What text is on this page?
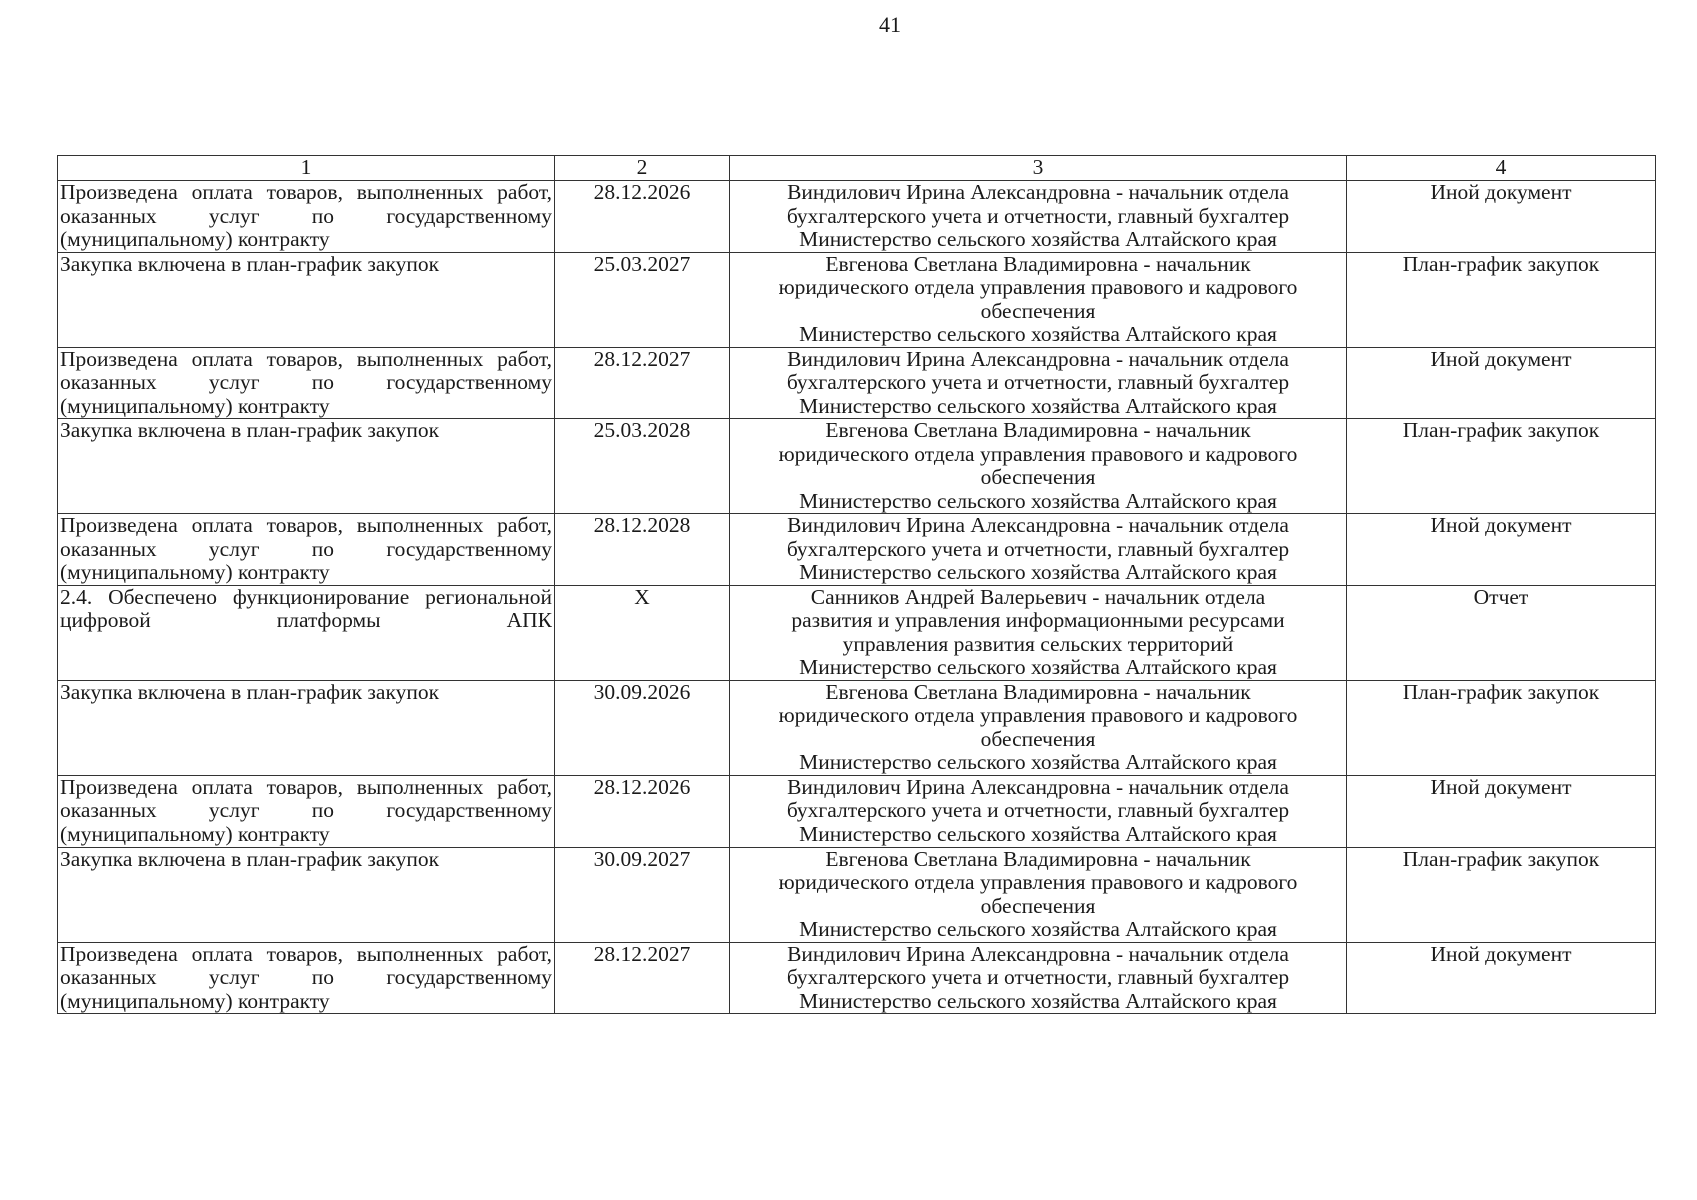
41
1	2	3	4
Произведена оплата товаров, выполненных работ, оказанных услуг по государственному (муниципальному) контракту	28.12.2026	Виндилович Ирина Александровна - начальник отдела
бухгалтерского учета и отчетности, главный бухгалтер
Министерство сельского хозяйства Алтайского края	Иной документ
Закупка включена в план-график закупок	25.03.2027	Евгенова Светлана Владимировна - начальник
юридического отдела управления правового и кадрового
обеспечения
Министерство сельского хозяйства Алтайского края	План-график закупок
Произведена оплата товаров, выполненных работ, оказанных услуг по государственному (муниципальному) контракту	28.12.2027	Виндилович Ирина Александровна - начальник отдела
бухгалтерского учета и отчетности, главный бухгалтер
Министерство сельского хозяйства Алтайского края	Иной документ
Закупка включена в план-график закупок	25.03.2028	Евгенова Светлана Владимировна - начальник
юридического отдела управления правового и кадрового
обеспечения
Министерство сельского хозяйства Алтайского края	План-график закупок
Произведена оплата товаров, выполненных работ, оказанных услуг по государственному (муниципальному) контракту	28.12.2028	Виндилович Ирина Александровна - начальник отдела
бухгалтерского учета и отчетности, главный бухгалтер
Министерство сельского хозяйства Алтайского края	Иной документ
2.4. Обеспечено функционирование региональной цифровой платформы АПК	X	Санников Андрей Валерьевич - начальник отдела
развития и управления информационными ресурсами
управления развития сельских территорий
Министерство сельского хозяйства Алтайского края	Отчет
Закупка включена в план-график закупок	30.09.2026	Евгенова Светлана Владимировна - начальник
юридического отдела управления правового и кадрового
обеспечения
Министерство сельского хозяйства Алтайского края	План-график закупок
Произведена оплата товаров, выполненных работ, оказанных услуг по государственному (муниципальному) контракту	28.12.2026	Виндилович Ирина Александровна - начальник отдела
бухгалтерского учета и отчетности, главный бухгалтер
Министерство сельского хозяйства Алтайского края	Иной документ
Закупка включена в план-график закупок	30.09.2027	Евгенова Светлана Владимировна - начальник
юридического отдела управления правового и кадрового
обеспечения
Министерство сельского хозяйства Алтайского края	План-график закупок
Произведена оплата товаров, выполненных работ, оказанных услуг по государственному (муниципальному) контракту	28.12.2027	Виндилович Ирина Александровна - начальник отдела
бухгалтерского учета и отчетности, главный бухгалтер
Министерство сельского хозяйства Алтайского края	Иной документ
